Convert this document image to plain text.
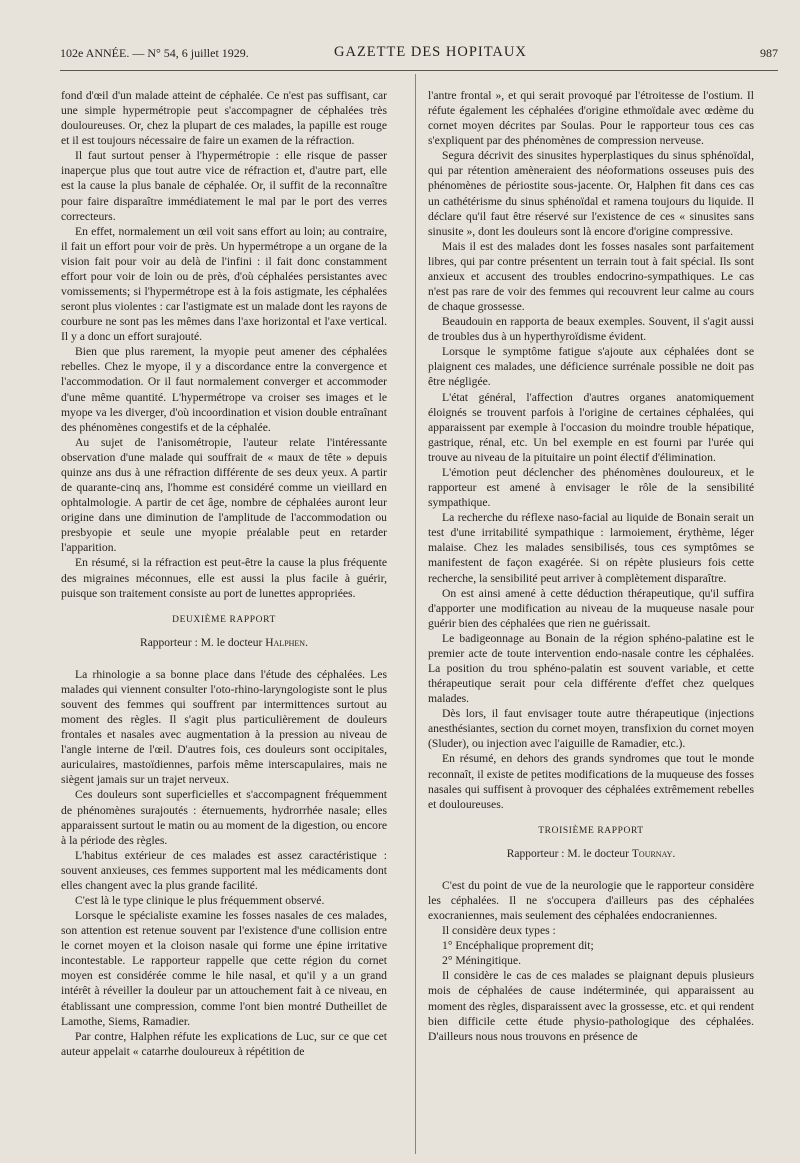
102e ANNÉE. — N° 54, 6 juillet 1929.	GAZETTE DES HOPITAUX	987

fond d'œil d'un malade atteint de céphalée. Ce n'est pas suffisant, car une simple hypermétropie peut s'accompagner de céphalées très douloureuses. Or, chez la plupart de ces malades, la papille est rouge et il est toujours nécessaire de faire un examen de la réfraction.

Il faut surtout penser à l'hypermétropie : elle risque de passer inaperçue plus que tout autre vice de réfraction et, d'autre part, elle est la cause la plus banale de céphalée. Or, il suffit de la reconnaître pour faire disparaître immédiatement le mal par le port des verres correcteurs.

En effet, normalement un œil voit sans effort au loin; au contraire, il fait un effort pour voir de près. Un hypermétrope a un organe de la vision fait pour voir au delà de l'infini : il fait donc constamment effort pour voir de loin ou de près, d'où céphalées persistantes avec vomissements; si l'hypermétrope est à la fois astigmate, les céphalées seront plus violentes : car l'astigmate est un malade dont les rayons de courbure ne sont pas les mêmes dans l'axe horizontal et l'axe vertical. Il y a donc un effort surajouté.

Bien que plus rarement, la myopie peut amener des céphalées rebelles. Chez le myope, il y a discordance entre la convergence et l'accommodation. Or il faut normalement converger et accommoder d'une même quantité. L'hypermétrope va croiser ses images et le myope va les diverger, d'où incoordination et vision double entraînant des phénomènes congestifs et de la céphalée.

Au sujet de l'anisométropie, l'auteur relate l'intéressante observation d'une malade qui souffrait de « maux de tête » depuis quinze ans dus à une réfraction différente de ses deux yeux. A partir de quarante-cinq ans, l'homme est considéré comme un vieillard en ophtalmologie. A partir de cet âge, nombre de céphalées auront leur origine dans une diminution de l'amplitude de l'accommodation ou presbyopie et seule une myopie préalable peut en retarder l'apparition.

En résumé, si la réfraction est peut-être la cause la plus fréquente des migraines méconnues, elle est aussi la plus facile à guérir, puisque son traitement consiste au port de lunettes appropriées.

DEUXIÈME RAPPORT
Rapporteur : M. le docteur Halphen.

La rhinologie a sa bonne place dans l'étude des céphalées. Les malades qui viennent consulter l'oto-rhino-laryngologiste sont le plus souvent des femmes qui souffrent par intermittences surtout au moment des règles. Il s'agit plus particulièrement de douleurs frontales et nasales avec augmentation à la pression au niveau de l'angle interne de l'œil. D'autres fois, ces douleurs sont occipitales, auriculaires, mastoïdiennes, parfois même interscapulaires, mais ne siègent jamais sur un trajet nerveux.

Ces douleurs sont superficielles et s'accompagnent fréquemment de phénomènes surajoutés : éternuements, hydrorrhée nasale; elles apparaissent surtout le matin ou au moment de la digestion, ou encore à la période des règles.

L'habitus extérieur de ces malades est assez caractéristique : souvent anxieuses, ces femmes supportent mal les médicaments dont elles changent avec la plus grande facilité.

C'est là le type clinique le plus fréquemment observé.

Lorsque le spécialiste examine les fosses nasales de ces malades, son attention est retenue souvent par l'existence d'une collision entre le cornet moyen et la cloison nasale qui forme une épine irritative incontestable. Le rapporteur rappelle que cette région du cornet moyen est considérée comme le hile nasal, et qu'il y a un grand intérêt à réveiller la douleur par un attouchement fait à ce niveau, en établissant une compression, comme l'ont bien montré Dutheillet de Lamothe, Siems, Ramadier.

Par contre, Halphen réfute les explications de Luc, sur ce que cet auteur appelait « catarrhe douloureux à répétition de

l'antre frontal », et qui serait provoqué par l'étroitesse de l'ostium. Il réfute également les céphalées d'origine ethmoïdale avec œdème du cornet moyen décrites par Soulas. Pour le rapporteur tous ces cas s'expliquent par des phénomènes de compression nerveuse.

Segura décrivit des sinusites hyperplastiques du sinus sphénoïdal, qui par rétention amèneraient des néoformations osseuses puis des phénomènes de périostite sous-jacente. Or, Halphen fit dans ces cas un cathétérisme du sinus sphénoïdal et ramena toujours du liquide. Il déclare qu'il faut être réservé sur l'existence de ces « sinusites sans sinusite », dont les douleurs sont là encore d'origine compressive.

Mais il est des malades dont les fosses nasales sont parfaitement libres, qui par contre présentent un terrain tout à fait spécial. Ils sont anxieux et accusent des troubles endocrino-sympathiques. Le cas n'est pas rare de voir des femmes qui recouvrent leur calme au cours de chaque grossesse.

Beaudouin en rapporta de beaux exemples. Souvent, il s'agit aussi de troubles dus à un hyperthyroïdisme évident.

Lorsque le symptôme fatigue s'ajoute aux céphalées dont se plaignent ces malades, une déficience surrénale possible ne doit pas être négligée.

L'état général, l'affection d'autres organes anatomiquement éloignés se trouvent parfois à l'origine de certaines céphalées, qui apparaissent par exemple à l'occasion du moindre trouble hépatique, gastrique, rénal, etc. Un bel exemple en est fourni par l'urée qui trouve au niveau de la pituitaire un point électif d'élimination.

L'émotion peut déclencher des phénomènes douloureux, et le rapporteur est amené à envisager le rôle de la sensibilité sympathique.

La recherche du réflexe naso-facial au liquide de Bonain serait un test d'une irritabilité sympathique : larmoiement, érythème, léger malaise. Chez les malades sensibilisés, tous ces symptômes se manifestent de façon exagérée. Si on répète plusieurs fois cette recherche, la sensibilité peut arriver à complètement disparaître.

On est ainsi amené à cette déduction thérapeutique, qu'il suffira d'apporter une modification au niveau de la muqueuse nasale pour guérir bien des céphalées que rien ne guérissait.

Le badigeonnage au Bonain de la région sphéno-palatine est le premier acte de toute intervention endo-nasale contre les céphalées. La position du trou sphéno-palatin est souvent variable, et cette thérapeutique serait pour cela différente d'effet chez quelques malades.

Dès lors, il faut envisager toute autre thérapeutique (injections anesthésiantes, section du cornet moyen, transfixion du cornet moyen (Sluder), ou injection avec l'aiguille de Ramadier, etc.).

En résumé, en dehors des grands syndromes que tout le monde reconnaît, il existe de petites modifications de la muqueuse des fosses nasales qui suffisent à provoquer des céphalées extrêmement rebelles et douloureuses.

TROISIÈME RAPPORT
Rapporteur : M. le docteur Tournay.

C'est du point de vue de la neurologie que le rapporteur considère les céphalées. Il ne s'occupera d'ailleurs pas des céphalées exocraniennes, mais seulement des céphalées endocraniennes.

Il considère deux types :

1° Encéphalique proprement dit;

2° Méningitique.

Il considère le cas de ces malades se plaignant depuis plusieurs mois de céphalées de cause indéterminée, qui apparaissent au moment des règles, disparaissent avec la grossesse, etc. et qui rendent bien difficile cette étude physio-pathologique des céphalées. D'ailleurs nous nous trouvons en présence de
